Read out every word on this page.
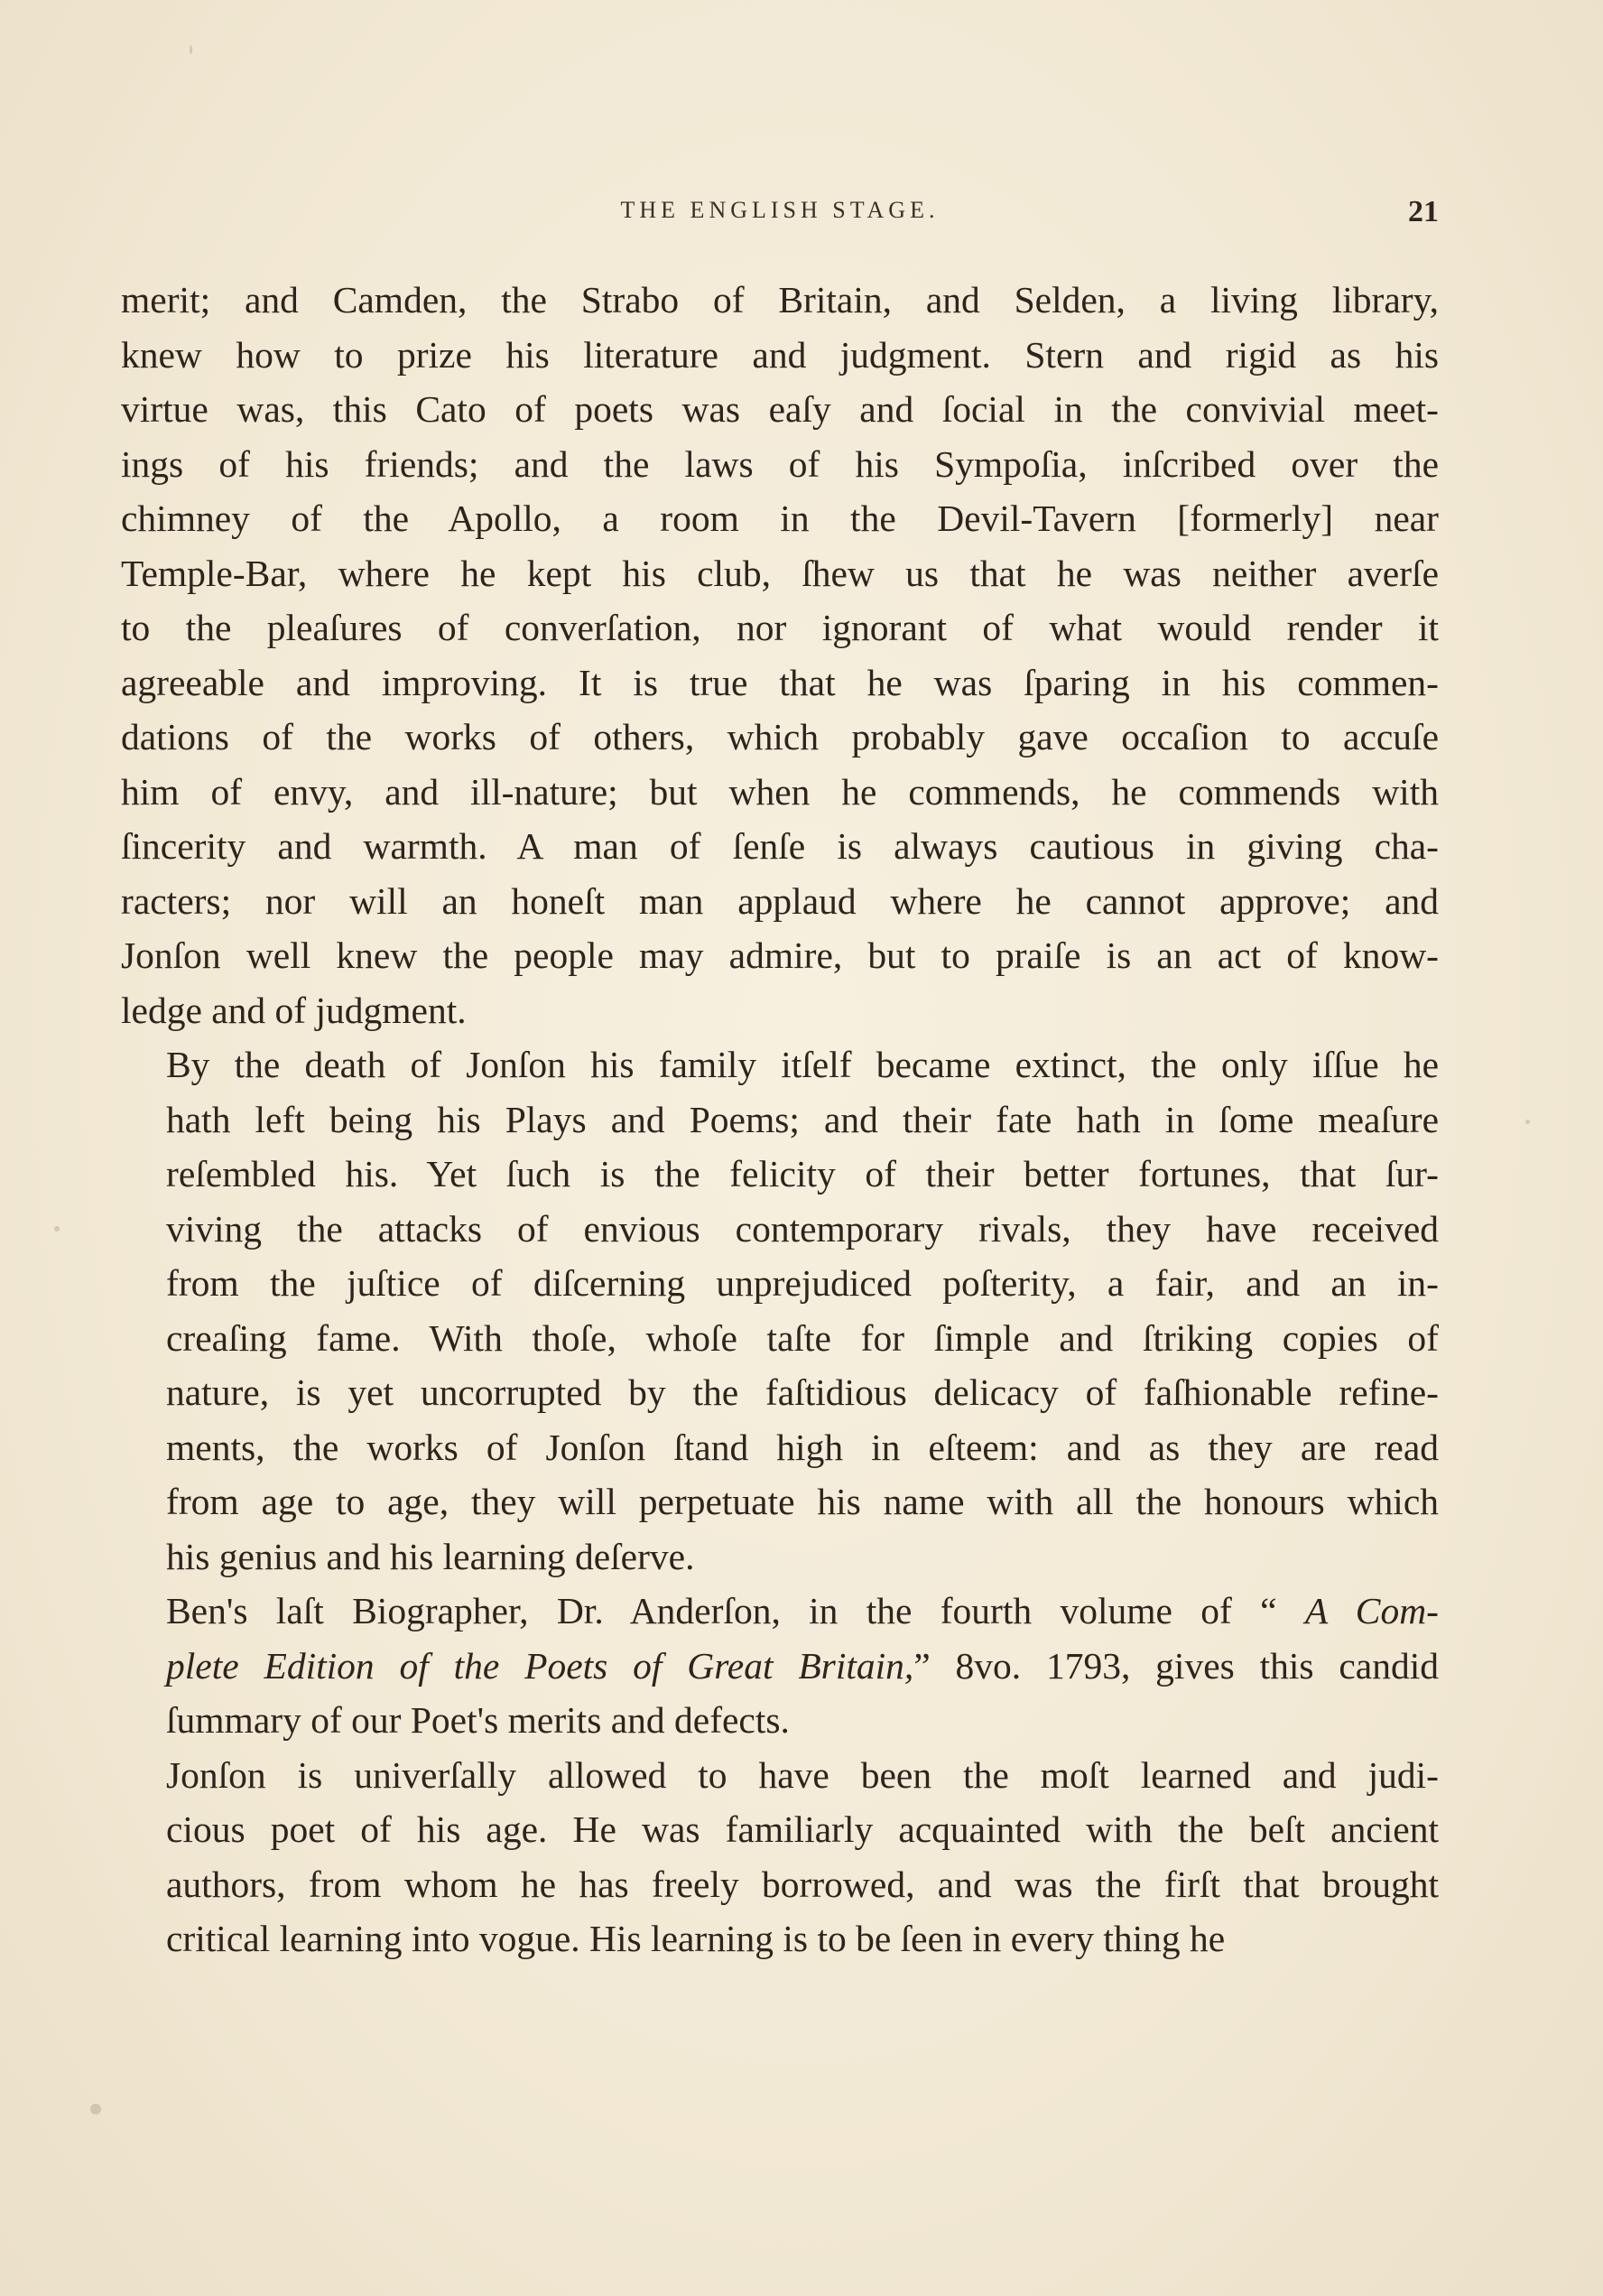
THE ENGLISH STAGE.	21

merit; and Camden, the Strabo of Britain, and Selden, a living library,
knew how to prize his literature and judgment. Stern and rigid as his
virtue was, this Cato of poets was eaſy and ſocial in the convivial meet-
ings of his friends; and the laws of his Sympoſia, inſcribed over the
chimney of the Apollo, a room in the Devil-Tavern [formerly] near
Temple-Bar, where he kept his club, ſhew us that he was neither averſe
to the pleaſures of converſation, nor ignorant of what would render it
agreeable and improving. It is true that he was ſparing in his commen-
dations of the works of others, which probably gave occaſion to accuſe
him of envy, and ill-nature; but when he commends, he commends with
ſincerity and warmth. A man of ſenſe is always cautious in giving cha-
racters; nor will an honeſt man applaud where he cannot approve; and
Jonſon well knew the people may admire, but to praiſe is an act of know-
ledge and of judgment.

By the death of Jonſon his family itſelf became extinct, the only iſſue he
hath left being his Plays and Poems; and their fate hath in ſome meaſure
reſembled his. Yet ſuch is the felicity of their better fortunes, that ſur-
viving the attacks of envious contemporary rivals, they have received
from the juſtice of diſcerning unprejudiced poſterity, a fair, and an in-
creaſing fame. With thoſe, whoſe taſte for ſimple and ſtriking copies of
nature, is yet uncorrupted by the faſtidious delicacy of faſhionable refine-
ments, the works of Jonſon ſtand high in eſteem: and as they are read
from age to age, they will perpetuate his name with all the honours which
his genius and his learning deſerve.

Ben's laſt Biographer, Dr. Anderſon, in the fourth volume of “ A Com-
plete Edition of the Poets of Great Britain,” 8vo. 1793, gives this candid
ſummary of our Poet's merits and defects.

Jonſon is univerſally allowed to have been the moſt learned and judi-
cious poet of his age. He was familiarly acquainted with the beſt ancient
authors, from whom he has freely borrowed, and was the firſt that brought
critical learning into vogue. His learning is to be ſeen in every thing he
